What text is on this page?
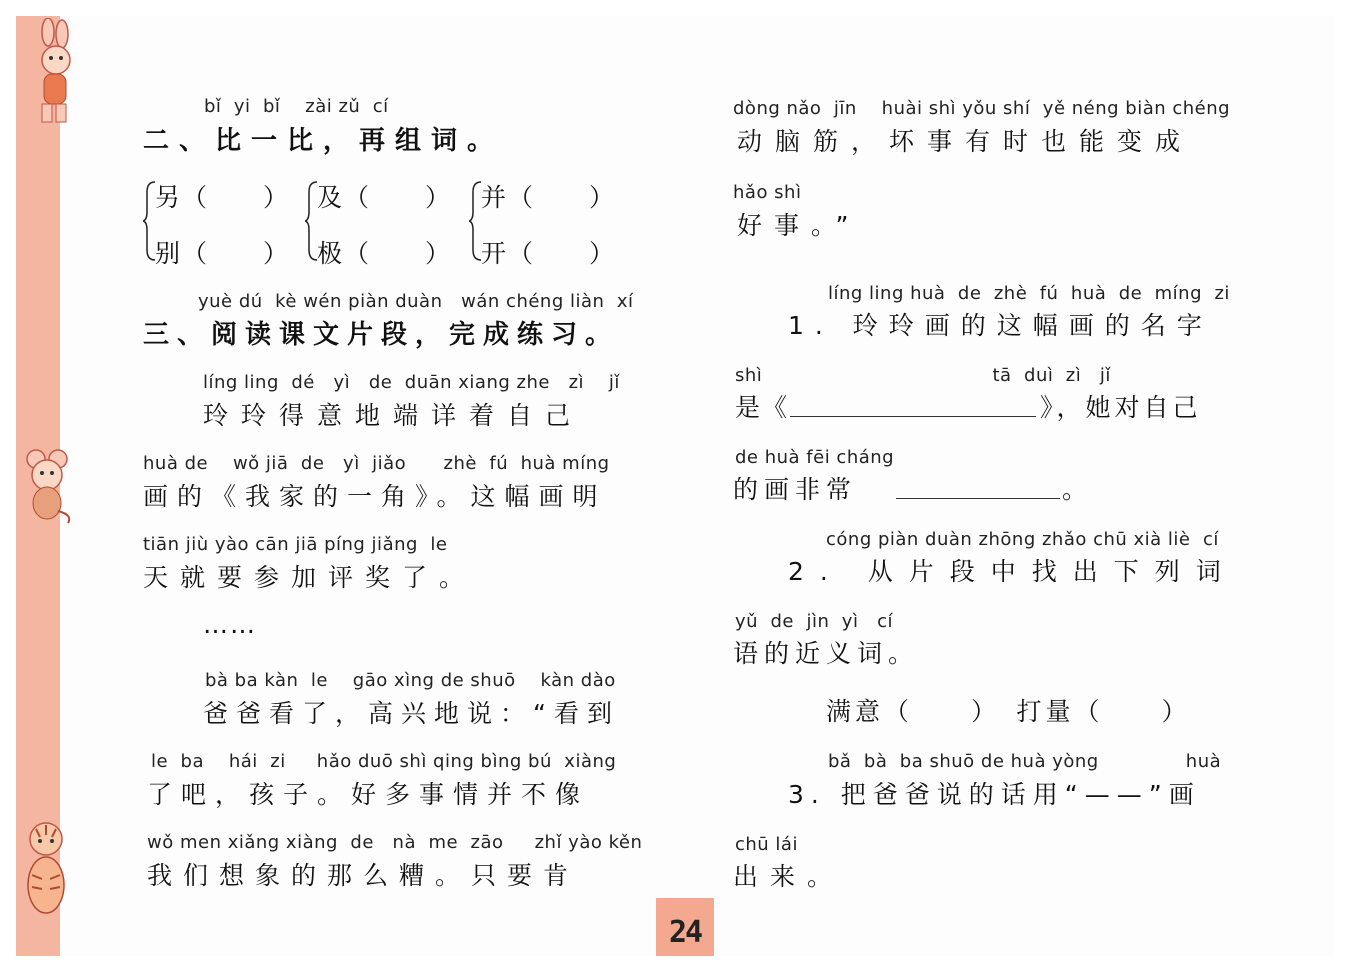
bǐ  yi  bǐ    zài zǔ  cí
二、比一比，再组词。
另（　　）
别（　　）
及（　　）
极（　　）
并（　　）
开（　　）
yuè dú  kè wén piàn duàn   wán chéng liàn  xí
三、阅读课文片段，完成练习。
líng ling  dé   yì   de  duān xiang zhe   zì    jǐ
玲玲得意地端详着自己
huà de    wǒ jiā  de   yì  jiǎo      zhè  fú  huà míng
画的《我家的一角》。这幅画明
tiān jiù yào cān jiā píng jiǎng  le
天就要参加评奖了。
……
bà ba kàn  le    gāo xìng de shuō    kàn dào
爸爸看了，高兴地说：“看到
le  ba    hái  zi     hǎo duō shì qing bìng bú  xiàng
了吧，孩子。好多事情并不像
wǒ men xiǎng xiàng  de   nà  me  zāo     zhǐ yào kěn
我们想象的那么糟。只要肯
dòng nǎo  jīn    huài shì yǒu shí  yě néng biàn chéng
动脑筋，坏事有时也能变成
hǎo shì
好事。”
líng ling huà  de  zhè  fú  huà  de  míng  zi
1. 玲玲画的这幅画的名字
shì                                     tā  duì  zì   jǐ
是《	》，她对自己
de huà fēi cháng
的画非常	。
cóng piàn duàn zhōng zhǎo chū xià liè  cí
2. 从片段中找出下列词
yǔ  de  jìn  yì   cí
语的近义词。
满意（　　）　打量（　　）
bǎ  bà  ba shuō de huà yòng              huà
3. 把爸爸说的话用“——”画
chū lái
出来。
24
